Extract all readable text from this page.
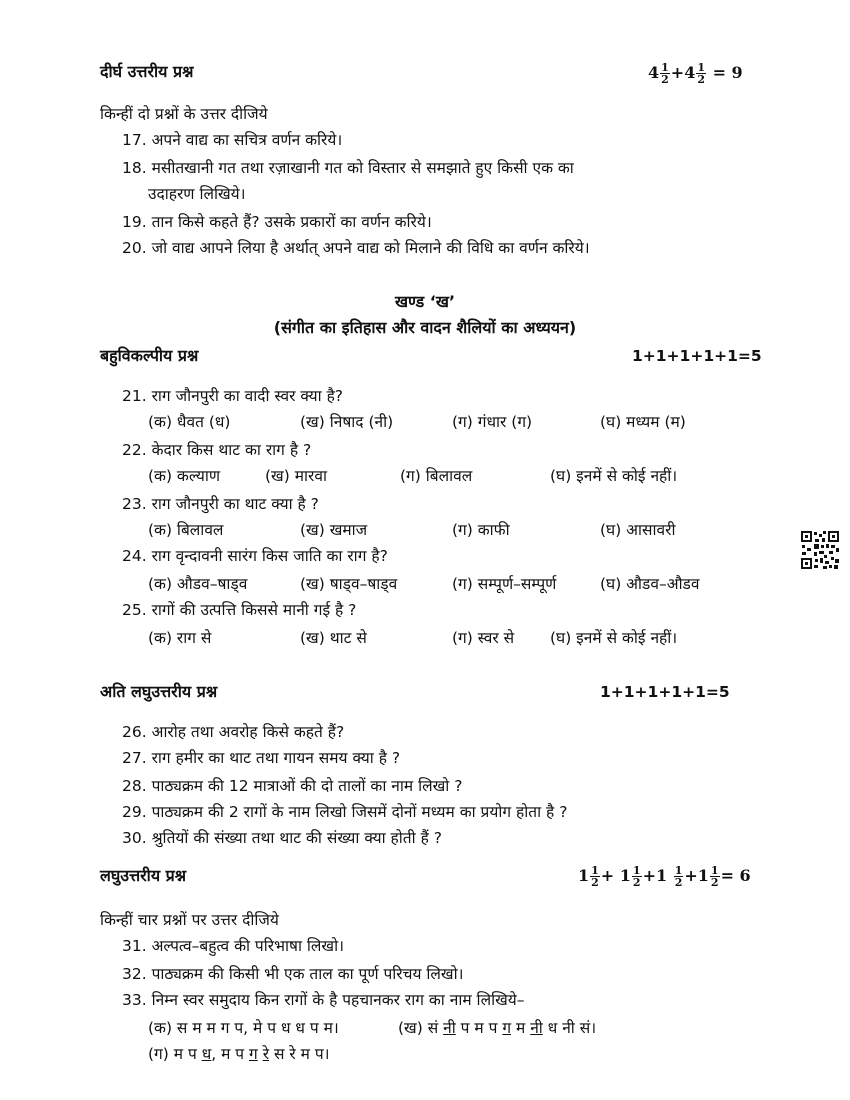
दीर्घ उत्तरीय प्रश्न	$4 \frac{1}{2} +4 \frac{1}{2} = 9$
किन्हीं दो प्रश्नों के उत्तर दीजिये
17. अपने वाद्य का सचित्र वर्णन करिये।
18. मसीतखानी गत तथा रज़ाखानी गत को विस्तार से समझाते हुए किसी एक का
उदाहरण लिखिये।
19. तान किसे कहते हैं? उसके प्रकारों का वर्णन करिये।
20. जो वाद्य आपने लिया है अर्थात् अपने वाद्य को मिलाने की विधि का वर्णन करिये।
खण्ड ‘ख’
(संगीत का इतिहास और वादन शैलियों का अध्ययन)
बहुविकल्पीय प्रश्न	1+1+1+1+1=5
21. राग जौनपुरी का वादी स्वर क्या है?
(क) धैवत (ध)	(ख) निषाद (नी)	(ग) गंधार (ग)	(घ) मध्यम (म)
22. केदार किस थाट का राग है ?
(क) कल्याण	(ख) मारवा	(ग) बिलावल	(घ) इनमें से कोई नहीं।
23. राग जौनपुरी का थाट क्या है ?
(क) बिलावल	(ख) खमाज	(ग) काफी	(घ) आसावरी
24. राग वृन्दावनी सारंग किस जाति का राग है?
(क) औडव–षाड्व	(ख) षाड्व–षाड्व	(ग) सम्पूर्ण–सम्पूर्ण	(घ) औडव–औडव
25. रागों की उत्पत्ति किससे मानी गई है ?
(क) राग से	(ख) थाट से	(ग) स्वर से (घ) इनमें से कोई नहीं।
अति लघुउत्तरीय प्रश्न	1+1+1+1+1=5
26. आरोह तथा अवरोह किसे कहते हैं?
27. राग हमीर का थाट तथा गायन समय क्या है ?
28. पाठ्यक्रम की 12 मात्राओं की दो तालों का नाम लिखो ?
29. पाठ्यक्रम की 2 रागों के नाम लिखो जिसमें दोनों मध्यम का प्रयोग होता है ?
30. श्रुतियों की संख्या तथा थाट की संख्या क्या होती हैं ?
लघुउत्तरीय प्रश्न	$1 \frac{1}{2} + 1 \frac{1}{2} +1 \frac{1}{2} +1 \frac{1}{2} = 6$
किन्हीं चार प्रश्नों पर उत्तर दीजिये
31. अल्पत्व–बहुत्व की परिभाषा लिखो।
32. पाठ्यक्रम की किसी भी एक ताल का पूर्ण परिचय लिखो।
33. निम्न स्वर समुदाय किन रागों के है पहचानकर राग का नाम लिखिये–
(क) स म म ग प, मे प ध ध प म।	(ख) सं नी प म प ग म नी ध नी सं।
(ग) म प ध, म प ग रे स रे म प।
